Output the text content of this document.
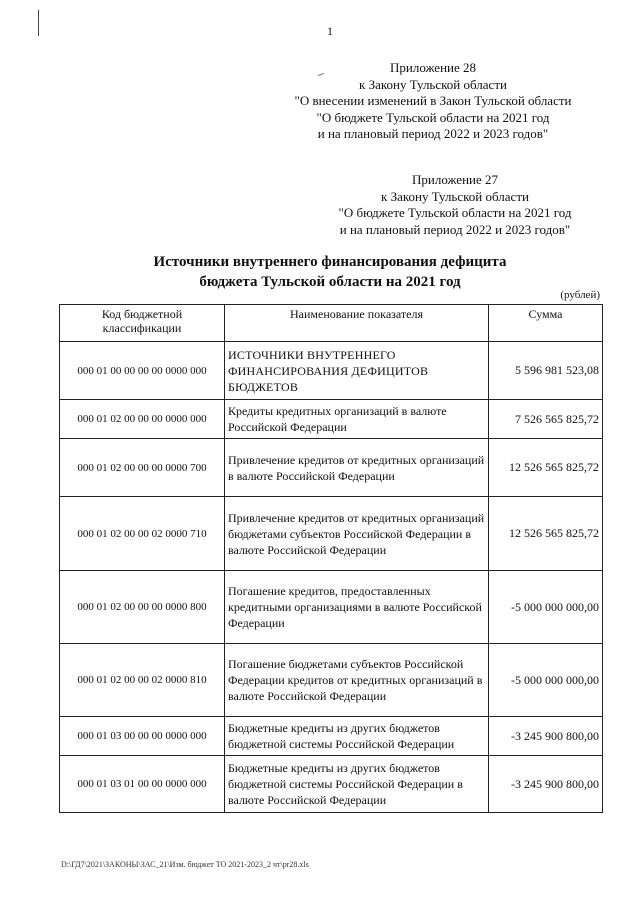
1
Приложение 28
к Закону Тульской области
"О внесении изменений в Закон Тульской области
"О бюджете Тульской области на 2021 год
и на плановый период 2022 и 2023 годов"
Приложение 27
к Закону Тульской области
"О бюджете Тульской области на 2021 год
и на плановый период 2022 и 2023 годов"
Источники внутреннего финансирования дефицита
бюджета Тульской области на 2021 год
(рублей)
Код бюджетной классификации	Наименование показателя	Сумма
000 01 00 00 00 00 0000 000	ИСТОЧНИКИ ВНУТРЕННЕГО ФИНАНСИРОВАНИЯ ДЕФИЦИТОВ БЮДЖЕТОВ	5 596 981 523,08
000 01 02 00 00 00 0000 000	Кредиты кредитных организаций в валюте Российской Федерации	7 526 565 825,72
000 01 02 00 00 00 0000 700	Привлечение кредитов от кредитных организаций в валюте Российской Федерации	12 526 565 825,72
000 01 02 00 00 02 0000 710	Привлечение кредитов от кредитных организаций бюджетами субъектов Российской Федерации в валюте Российской Федерации	12 526 565 825,72
000 01 02 00 00 00 0000 800	Погашение кредитов, предоставленных кредитными организациями в валюте Российской Федерации	-5 000 000 000,00
000 01 02 00 00 02 0000 810	Погашение бюджетами субъектов Российской Федерации кредитов от кредитных организаций в валюте Российской Федерации	-5 000 000 000,00
000 01 03 00 00 00 0000 000	Бюджетные кредиты из других бюджетов бюджетной системы Российской Федерации	-3 245 900 800,00
000 01 03 01 00 00 0000 000	Бюджетные кредиты из других бюджетов бюджетной системы Российской Федерации в валюте Российской Федерации	-3 245 900 800,00
D:\ГД7\2021\ЗАКОНЫ\ЗАС_21\Изм. бюджет ТО 2021-2023_2 чт\pr28.xls
